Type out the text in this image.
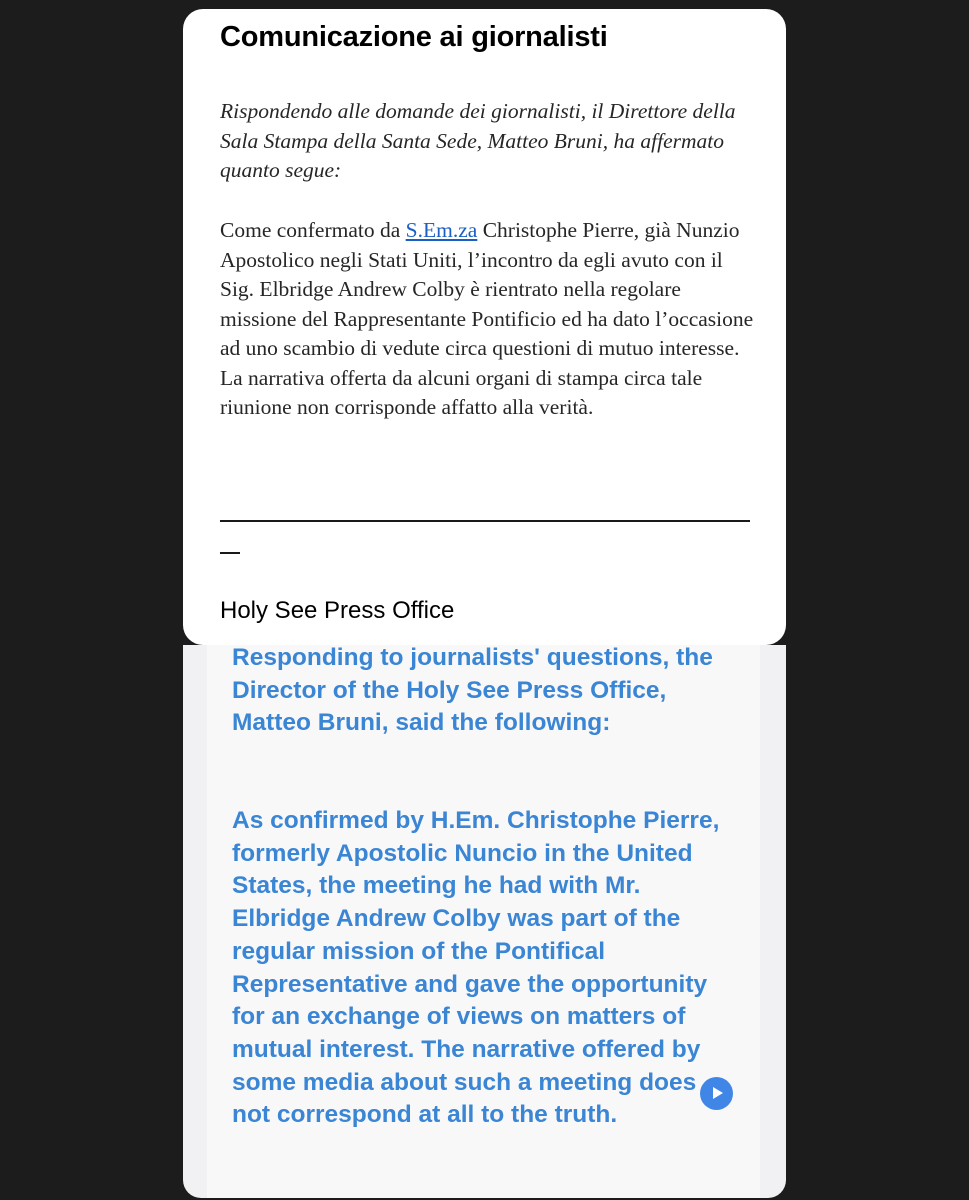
Comunicazione ai giornalisti

Rispondendo alle domande dei giornalisti, il Direttore della Sala Stampa della Santa Sede, Matteo Bruni, ha affermato quanto segue:

Come confermato da S.Em.za Christophe Pierre, già Nunzio Apostolico negli Stati Uniti, l’incontro da egli avuto con il Sig. Elbridge Andrew Colby è rientrato nella regolare missione del Rappresentante Pontificio ed ha dato l’occasione ad uno scambio di vedute circa questioni di mutuo interesse. La narrativa offerta da alcuni organi di stampa circa tale riunione non corrisponde affatto alla verità.

Holy See Press Office

Responding to journalists' questions, the Director of the Holy See Press Office, Matteo Bruni, said the following:

As confirmed by H.Em. Christophe Pierre, formerly Apostolic Nuncio in the United States, the meeting he had with Mr. Elbridge Andrew Colby was part of the regular mission of the Pontifical Representative and gave the opportunity for an exchange of views on matters of mutual interest. The narrative offered by some media about such a meeting does not correspond at all to the truth.
